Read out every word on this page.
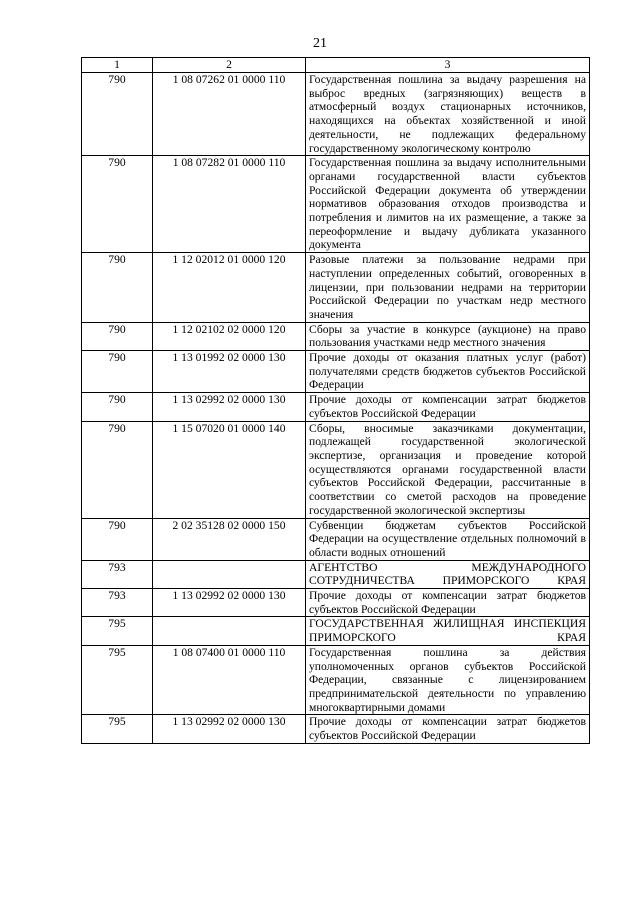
21
1	2	3
790	1 08 07262 01 0000 110	Государственная пошлина за выдачу разрешения на выброс вредных (загрязняющих) веществ в атмосферный воздух стационарных источников, находящихся на объектах хозяйственной и иной деятельности, не подлежащих федеральному государственному экологическому контролю
790	1 08 07282 01 0000 110	Государственная пошлина за выдачу исполнительными органами государственной власти субъектов Российской Федерации документа об утверждении нормативов образования отходов производства и потребления и лимитов на их размещение, а также за переоформление и выдачу дубликата указанного документа
790	1 12 02012 01 0000 120	Разовые платежи за пользование недрами при наступлении определенных событий, оговоренных в лицензии, при пользовании недрами на территории Российской Федерации по участкам недр местного значения
790	1 12 02102 02 0000 120	Сборы за участие в конкурсе (аукционе) на право пользования участками недр местного значения
790	1 13 01992 02 0000 130	Прочие доходы от оказания платных услуг (работ) получателями средств бюджетов субъектов Российской Федерации
790	1 13 02992 02 0000 130	Прочие доходы от компенсации затрат бюджетов субъектов Российской Федерации
790	1 15 07020 01 0000 140	Сборы, вносимые заказчиками документации, подлежащей государственной экологической экспертизе, организация и проведение которой осуществляются органами государственной власти субъектов Российской Федерации, рассчитанные в соответствии со сметой расходов на проведение государственной экологической экспертизы
790	2 02 35128 02 0000 150	Субвенции бюджетам субъектов Российской Федерации на осуществление отдельных полномочий в области водных отношений
793		АГЕНТСТВО МЕЖДУНАРОДНОГО СОТРУДНИЧЕСТВА ПРИМОРСКОГО КРАЯ
793	1 13 02992 02 0000 130	Прочие доходы от компенсации затрат бюджетов субъектов Российской Федерации
795		ГОСУДАРСТВЕННАЯ ЖИЛИЩНАЯ ИНСПЕКЦИЯ ПРИМОРСКОГО КРАЯ
795	1 08 07400 01 0000 110	Государственная пошлина за действия уполномоченных органов субъектов Российской Федерации, связанные с лицензированием предпринимательской деятельности по управлению многоквартирными домами
795	1 13 02992 02 0000 130	Прочие доходы от компенсации затрат бюджетов субъектов Российской Федерации
